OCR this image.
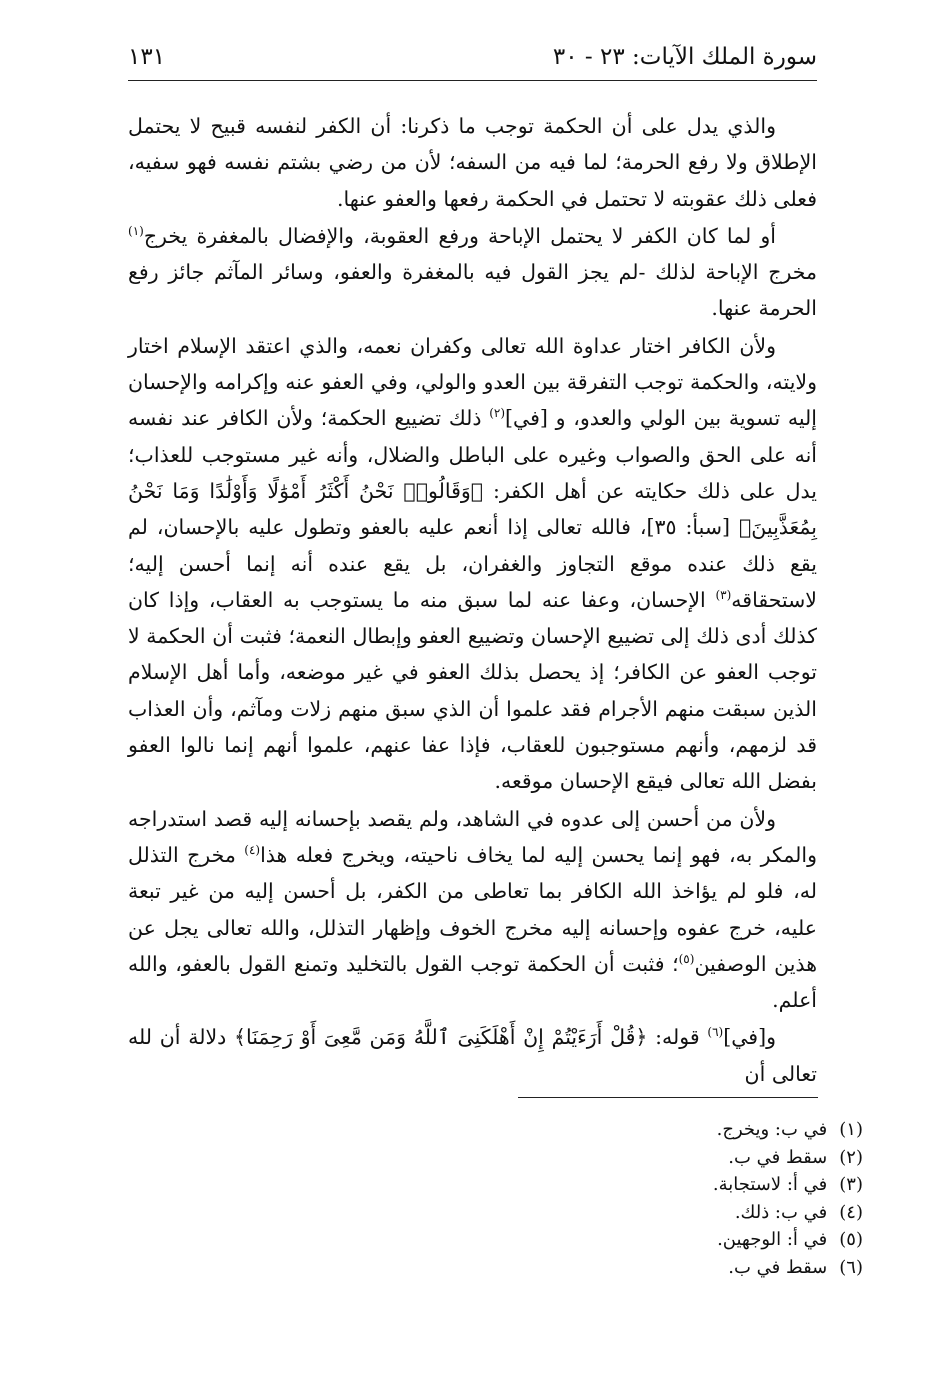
سورة الملك الآيات: ٢٣ - ٣٠
١٣١

والذي يدل على أن الحكمة توجب ما ذكرنا: أن الكفر لنفسه قبيح لا يحتمل الإطلاق ولا رفع الحرمة؛ لما فيه من السفه؛ لأن من رضي بشتم نفسه فهو سفيه، فعلى ذلك عقوبته لا تحتمل في الحكمة رفعها والعفو عنها.

أو لما كان الكفر لا يحتمل الإباحة ورفع العقوبة، والإفضال بالمغفرة يخرج$^{(١)}$ مخرج الإباحة لذلك -لم يجز القول فيه بالمغفرة والعفو، وسائر المآثم جائز رفع الحرمة عنها.

ولأن الكافر اختار عداوة الله تعالى وكفران نعمه، والذي اعتقد الإسلام اختار ولايته، والحكمة توجب التفرقة بين العدو والولي، وفي العفو عنه وإكرامه والإحسان إليه تسوية بين الولي والعدو، و [في]$^{(٢)}$ ذلك تضييع الحكمة؛ ولأن الكافر عند نفسه أنه على الحق والصواب وغيره على الباطل والضلال، وأنه غير مستوجب للعذاب؛ يدل على ذلك حكايته عن أهل الكفر: ﴿وَقَالُوا۟ نَحْنُ أَكْثَرُ أَمْوَٰلًا وَأَوْلَٰدًا وَمَا نَحْنُ بِمُعَذَّبِينَ﴾ [سبأ: ٣٥]، فالله تعالى إذا أنعم عليه بالعفو وتطول عليه بالإحسان، لم يقع ذلك عنده موقع التجاوز والغفران، بل يقع عنده أنه إنما أحسن إليه؛ لاستحقاقه$^{(٣)}$ الإحسان، وعفا عنه لما سبق منه ما يستوجب به العقاب، وإذا كان كذلك أدى ذلك إلى تضييع الإحسان وتضييع العفو وإبطال النعمة؛ فثبت أن الحكمة لا توجب العفو عن الكافر؛ إذ يحصل بذلك العفو في غير موضعه، وأما أهل الإسلام الذين سبقت منهم الأجرام فقد علموا أن الذي سبق منهم زلات ومآثم، وأن العذاب قد لزمهم، وأنهم مستوجبون للعقاب، فإذا عفا عنهم، علموا أنهم إنما نالوا العفو بفضل الله تعالى فيقع الإحسان موقعه.

ولأن من أحسن إلى عدوه في الشاهد، ولم يقصد بإحسانه إليه قصد استدراجه والمكر به، فهو إنما يحسن إليه لما يخاف ناحيته، ويخرج فعله هذا$^{(٤)}$ مخرج التذلل له، فلو لم يؤاخذ الله الكافر بما تعاطى من الكفر، بل أحسن إليه من غير تبعة عليه، خرج عفوه وإحسانه إليه مخرج الخوف وإظهار التذلل، والله تعالى يجل عن هذين الوصفين$^{(٥)}$؛ فثبت أن الحكمة توجب القول بالتخليد وتمنع القول بالعفو، والله أعلم.

و[في]$^{(٦)}$ قوله: ﴿قُلْ أَرَءَيْتُمْ إِنْ أَهْلَكَنِىَ ٱللَّهُ وَمَن مَّعِىَ أَوْ رَحِمَنَا﴾ دلالة أن لله تعالى أن

(١)في ب: ويخرج.
(٢)سقط في ب.
(٣)في أ: لاستجابة.
(٤)في ب: ذلك.
(٥)في أ: الوجهين.
(٦)سقط في ب.
